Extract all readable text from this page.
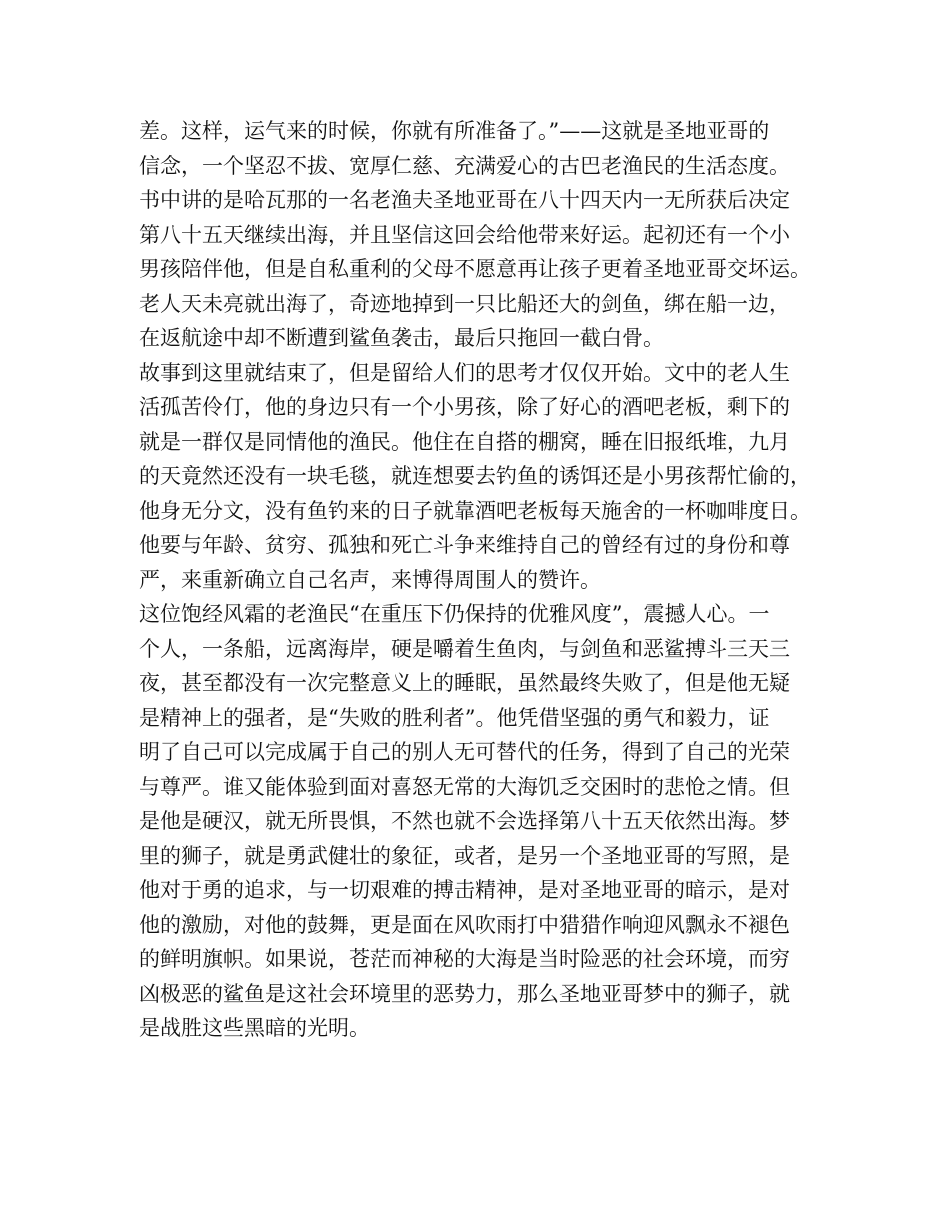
差。这样，运气来的时候，你就有所准备了。”——这就是圣地亚哥的
信念，一个坚忍不拔、宽厚仁慈、充满爱心的古巴老渔民的生活态度。
书中讲的是哈瓦那的一名老渔夫圣地亚哥在八十四天内一无所获后决定
第八十五天继续出海，并且坚信这回会给他带来好运。起初还有一个小
男孩陪伴他，但是自私重利的父母不愿意再让孩子更着圣地亚哥交坏运。
老人天未亮就出海了，奇迹地掉到一只比船还大的剑鱼，绑在船一边，
在返航途中却不断遭到鲨鱼袭击，最后只拖回一截白骨。
故事到这里就结束了，但是留给人们的思考才仅仅开始。文中的老人生
活孤苦伶仃，他的身边只有一个小男孩，除了好心的酒吧老板，剩下的
就是一群仅是同情他的渔民。他住在自搭的棚窝，睡在旧报纸堆，九月
的天竟然还没有一块毛毯，就连想要去钓鱼的诱饵还是小男孩帮忙偷的，
他身无分文，没有鱼钓来的日子就靠酒吧老板每天施舍的一杯咖啡度日。
他要与年龄、贫穷、孤独和死亡斗争来维持自己的曾经有过的身份和尊
严，来重新确立自己名声，来博得周围人的赞许。
这位饱经风霜的老渔民“在重压下仍保持的优雅风度”，震撼人心。一
个人，一条船，远离海岸，硬是嚼着生鱼肉，与剑鱼和恶鲨搏斗三天三
夜，甚至都没有一次完整意义上的睡眠，虽然最终失败了，但是他无疑
是精神上的强者，是“失败的胜利者”。他凭借坚强的勇气和毅力，证
明了自己可以完成属于自己的别人无可替代的任务，得到了自己的光荣
与尊严。谁又能体验到面对喜怒无常的大海饥乏交困时的悲怆之情。但
是他是硬汉，就无所畏惧，不然也就不会选择第八十五天依然出海。梦
里的狮子，就是勇武健壮的象征，或者，是另一个圣地亚哥的写照，是
他对于勇的追求，与一切艰难的搏击精神，是对圣地亚哥的暗示，是对
他的激励，对他的鼓舞，更是面在风吹雨打中猎猎作响迎风飘永不褪色
的鲜明旗帜。如果说，苍茫而神秘的大海是当时险恶的社会环境，而穷
凶极恶的鲨鱼是这社会环境里的恶势力，那么圣地亚哥梦中的狮子，就
是战胜这些黑暗的光明。
